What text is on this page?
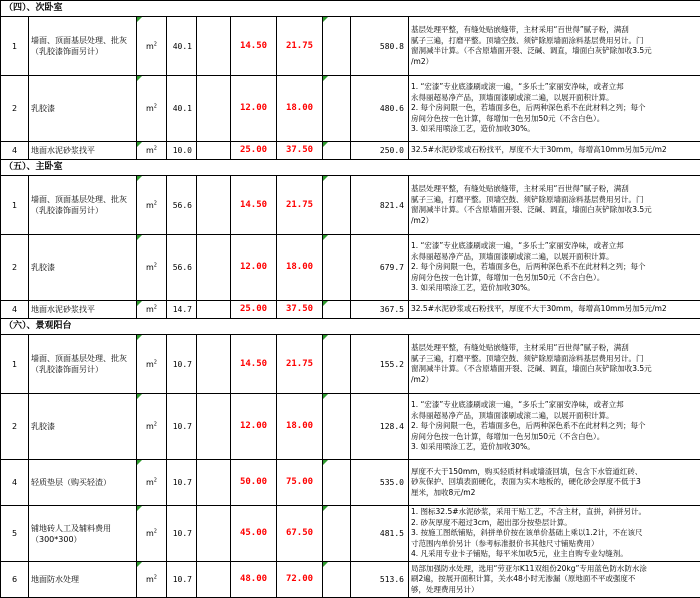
（四）、次卧室									
1	墙面、顶面基层处理、批灰（乳胶漆饰面另计）	$m^2$	40.1		14.50	21.75		580.8	基层处理平整，有缝处贴嵌缝带，主材采用“百世得”腻子粉，满刮
腻子三遍，打磨平整。顶墙空鼓、须铲除原墙面涂料基层费用另计。门
窗洞减半计算。（不含原墙面开裂、泛碱、调直，墙面白灰铲除加收3.5元
/m2）

2	乳胶漆	$m^2$	40.1		12.00	18.00		480.6	1. “宏漆”专业底漆刷或滚一遍，“多乐士”家丽安净味，或者立邦
永得丽超易净产品，顶墙面漆刷或滚二遍，以展开面积计算。
2. 每个房间限一色，若墙面多色，后两种深色系不在此材料之列；每个
房间分色按一色计算，每增加一色另加50元（不含白色）。
3. 如采用喷涂工艺，造价加收30%。

4	地面水泥砂浆找平	$m^2$	10.0		25.00	37.50		250.0	32.5#水泥砂浆或石粉找平，厚度不大于30mm，每增高10mm另加5元/m2

（五）、主卧室									
1	墙面、顶面基层处理、批灰（乳胶漆饰面另计）	$m^2$	56.6		14.50	21.75		821.4	基层处理平整，有缝处贴嵌缝带，主材采用“百世得”腻子粉，满刮
腻子三遍，打磨平整。顶墙空鼓、须铲除原墙面涂料基层费用另计。门
窗洞减半计算。（不含原墙面开裂、泛碱、调直，墙面白灰铲除加收3.5元
/m2）

2	乳胶漆	$m^2$	56.6		12.00	18.00		679.7	1. “宏漆”专业底漆刷或滚一遍，“多乐士”家丽安净味，或者立邦
永得丽超易净产品，顶墙面漆刷或滚二遍，以展开面积计算。
2. 每个房间限一色，若墙面多色，后两种深色系不在此材料之列；每个
房间分色按一色计算，每增加一色另加50元（不含白色）。
3. 如采用喷涂工艺，造价加收30%。

4	地面水泥砂浆找平	$m^2$	14.7		25.00	37.50		367.5	32.5#水泥砂浆或石粉找平，厚度不大于30mm，每增高10mm另加5元/m2

（六）、景观阳台									
1	墙面、顶面基层处理、批灰（乳胶漆饰面另计）	$m^2$	10.7		14.50	21.75		155.2	基层处理平整，有缝处贴嵌缝带，主材采用“百世得”腻子粉，满刮
腻子三遍，打磨平整。顶墙空鼓、须铲除原墙面涂料基层费用另计。门
窗洞减半计算。（不含原墙面开裂、泛碱、调直，墙面白灰铲除加收3.5元
/m2）

2	乳胶漆	$m^2$	10.7		12.00	18.00		128.4	1. “宏漆”专业底漆刷或滚一遍，“多乐士”家丽安净味，或者立邦
永得丽超易净产品，顶墙面漆刷或滚二遍，以展开面积计算。
2. 每个房间限一色，若墙面多色，后两种深色系不在此材料之列；每个
房间分色按一色计算，每增加一色另加50元（不含白色）。
3. 如采用喷涂工艺，造价加收30%。

4	轻质垫层（购买轻渣）	$m^2$	10.7		50.00	75.00		535.0	厚度不大于150mm，购买轻质材料或墙渣回填，包含下水管道红砖、
砂灰保护、回填表面硬化，表面为实木地板的，硬化砂会厚度不低于3
厘米，加收8元/m2

5	铺地砖人工及辅料费用（300*300）	$m^2$	10.7		45.00	67.50		481.5	1. 图标32.5#水泥砂浆，采用干贴工艺，不含主材，直拼，斜拼另计。
2. 砂灰厚度不超过3cm，超出部分按垫层计算。
3. 按施工图纸铺贴，斜拼单价按在该单价基础上乘以1.2计，不在该尺
寸范围内单价另计（参考标准报价书其他尺寸铺贴费用）
4. 凡采用专业卡子铺贴，每平米加收5元，业主自购专业勾缝剂。

6	地面防水处理	$m^2$	10.7		48.00	72.00		513.6	局部加强防水处理，选用“劳亚尔K11双组份20kg”专用蓝色防水防水涂
刷2遍，按展开面积计算，关水48小时无渗漏（原地面不平或强度不
够，处理费用另计）
